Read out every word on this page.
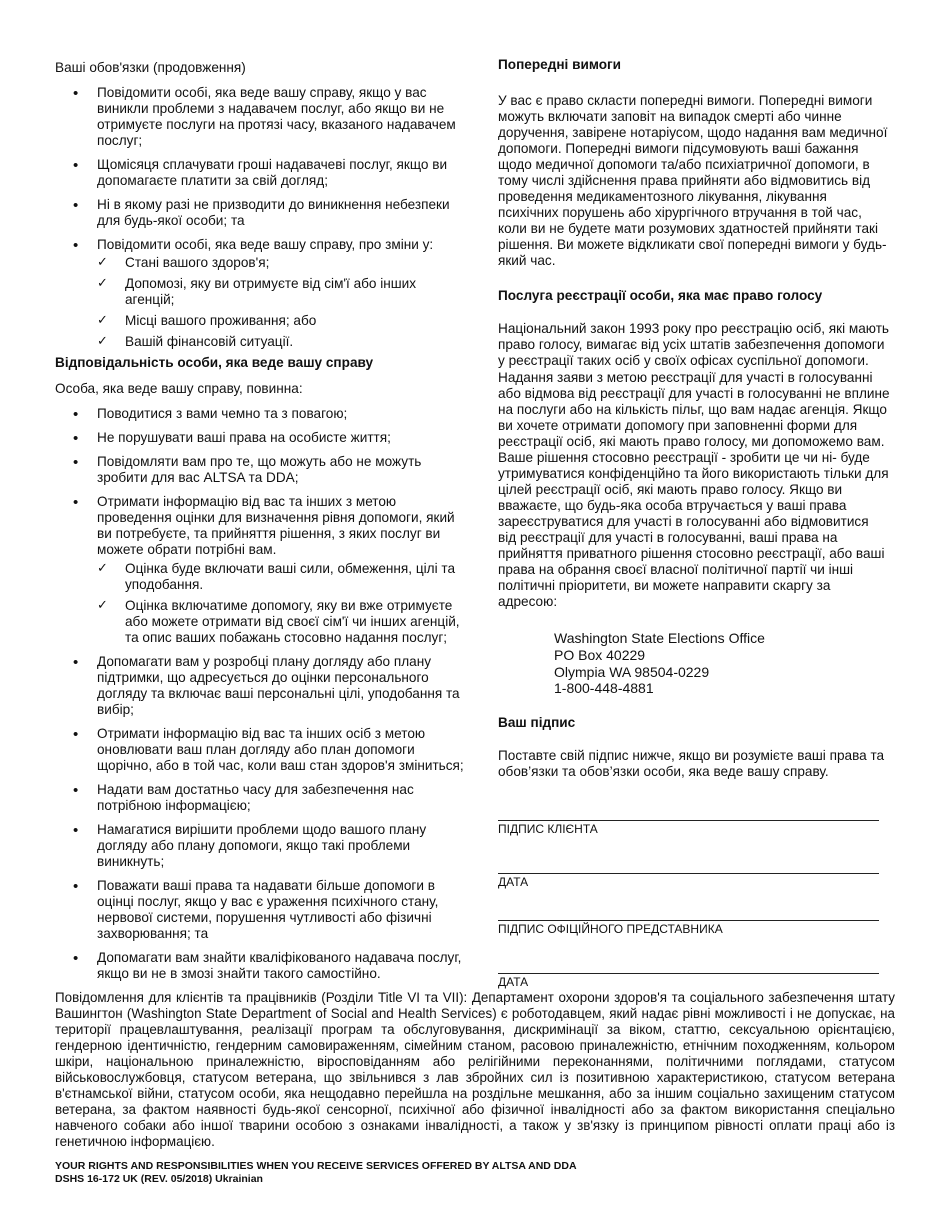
Ваші обов'язки (продовження)

• Повідомити особі, яка веде вашу справу, якщо у вас виникли проблеми з надавачем послуг, або якщо ви не отримуєте послуги на протязі часу, вказаного надавачем послуг;
• Щомісяця сплачувати гроші надавачеві послуг, якщо ви допомагаєте платити за свій догляд;
• Ні в якому разі не призводити до виникнення небезпеки для будь-якої особи; та
• Повідомити особі, яка веде вашу справу, про зміни у:
✓ Стані вашого здоров'я;
✓ Допомозі, яку ви отримуєте від сім'ї або інших агенцій;
✓ Місці вашого проживання; або
✓ Вашій фінансовій ситуації.

Відповідальність особи, яка веде вашу справу

Особа, яка веде вашу справу, повинна:

• Поводитися з вами чемно та з повагою;
• Не порушувати ваші права на особисте життя;
• Повідомляти вам про те, що можуть або не можуть зробити для вас ALTSA та DDA;
• Отримати інформацію від вас та інших з метою проведення оцінки для визначення рівня допомоги, який ви потребуєте, та прийняття рішення, з яких послуг ви можете обрати потрібні вам.
✓ Оцінка буде включати ваші сили, обмеження, цілі та уподобання.
✓ Оцінка включатиме допомогу, яку ви вже отримуєте або можете отримати від своєї сім'ї чи інших агенцій, та опис ваших побажань стосовно надання послуг;
• Допомагати вам у розробці плану догляду або плану підтримки, що адресується до оцінки персонального догляду та включає ваші персональні цілі, уподобання та вибір;
• Отримати інформацію від вас та інших осіб з метою оновлювати ваш план догляду або план допомоги щорічно, або в той час, коли ваш стан здоров'я зміниться;
• Надати вам достатньо часу для забезпечення нас потрібною інформацією;
• Намагатися вирішити проблеми щодо вашого плану догляду або плану допомоги, якщо такі проблеми виникнуть;
• Поважати ваші права та надавати більше допомоги в оцінці послуг, якщо у вас є ураження психічного стану, нервової системи, порушення чутливості або фізичні захворювання; та
• Допомагати вам знайти кваліфікованого надавача послуг, якщо ви не в змозі знайти такого самостійно.

Попередні вимоги

У вас є право скласти попередні вимоги. Попередні вимоги можуть включати заповіт на випадок смерті або чинне доручення, завірене нотаріусом, щодо надання вам медичної допомоги. Попередні вимоги підсумовують ваші бажання щодо медичної допомоги та/або психіатричної допомоги, в тому числі здійснення права прийняти або відмовитись від проведення медикаментозного лікування, лікування психічних порушень або хірургічного втручання в той час, коли ви не будете мати розумових здатностей прийняти такі рішення. Ви можете відкликати свої попередні вимоги у будь-який час.

Послуга реєстрації особи, яка має право голосу

Національний закон 1993 року про реєстрацію осіб, які мають право голосу, вимагає від усіх штатів забезпечення допомоги у реєстрації таких осіб у своїх офісах суспільної допомоги. Надання заяви з метою реєстрації для участі в голосуванні або відмова від реєстрації для участі в голосуванні не вплине на послуги або на кількість пільг, що вам надає агенція. Якщо ви хочете отримати допомогу при заповненні форми для реєстрації осіб, які мають право голосу, ми допоможемо вам. Ваше рішення стосовно реєстрації - зробити це чи ні- буде утримуватися конфіденційно та його використають тільки для цілей реєстрації осіб, які мають право голосу. Якщо ви вважаєте, що будь-яка особа втручається у ваші права зареєструватися для участі в голосуванні або відмовитися від реєстрації для участі в голосуванні, ваші права на прийняття приватного рішення стосовно реєстрації, або ваші права на обрання своєї власної політичної партії чи інші політичні пріоритети, ви можете направити скаргу за адресою:

Washington State Elections Office
PO Box 40229
Olympia WA 98504-0229
1-800-448-4881

Ваш підпис

Поставте свій підпис нижче, якщо ви розумієте ваші права та обов’язки та обов’язки особи, яка веде вашу справу.

ПІДПИС КЛІЄНТА
ДАТА
ПІДПИС ОФІЦІЙНОГО ПРЕДСТАВНИКА
ДАТА

Повідомлення для клієнтів та працівників (Розділи Title VI та VII): Департамент охорони здоров'я та соціального забезпечення штату Вашингтон (Washington State Department of Social and Health Services) є роботодавцем, який надає рівні можливості і не допускає, на території працевлаштування, реалізації програм та обслуговування, дискримінації за віком, статтю, сексуальною орієнтацією, гендерною ідентичністю, гендерним самовираженням, сімейним станом, расовою приналежністю, етнічним походженням, кольором шкіри, національною приналежністю, віросповіданням або релігійними переконаннями, політичними поглядами, статусом військовослужбовця, статусом ветерана, що звільнився з лав збройних сил із позитивною характеристикою, статусом ветерана в'єтнамської війни, статусом особи, яка нещодавно перейшла на роздільне мешкання, або за іншим соціально захищеним статусом ветерана, за фактом наявності будь-якої сенсорної, психічної або фізичної інвалідності або за фактом використання спеціально навченого собаки або іншої тварини особою з ознаками інвалідності, а також у зв'язку із принципом рівності оплати праці або із генетичною інформацією.

YOUR RIGHTS AND RESPONSIBILITIES WHEN YOU RECEIVE SERVICES OFFERED BY ALTSA AND DDA
DSHS 16-172 UK (REV. 05/2018) Ukrainian
